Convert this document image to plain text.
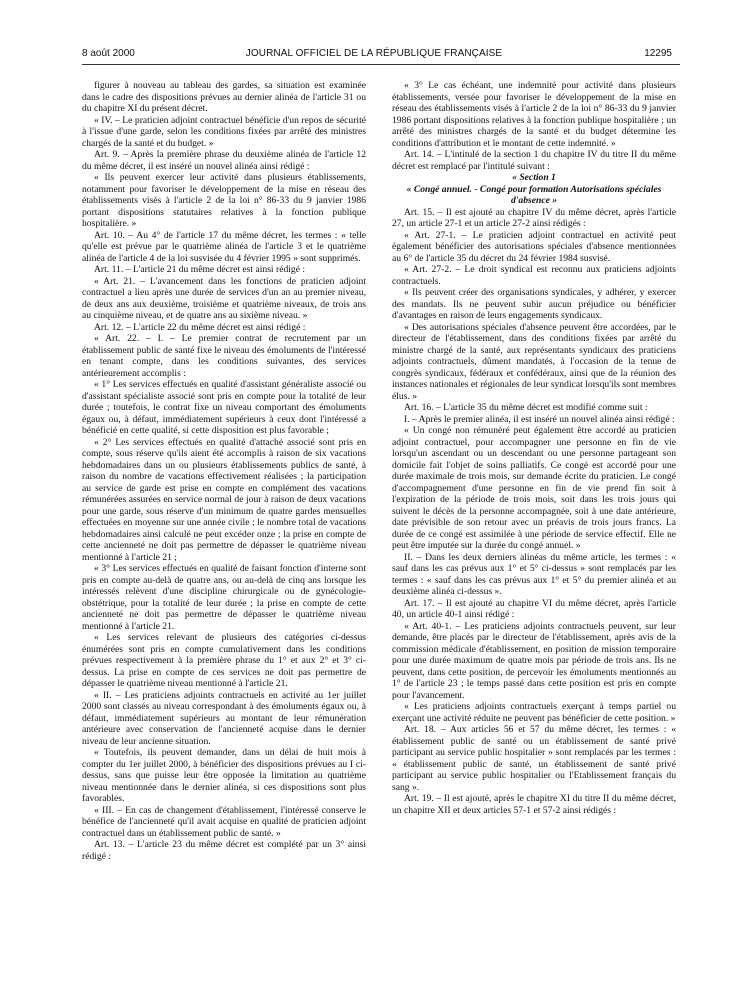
8 août 2000	JOURNAL OFFICIEL DE LA RÉPUBLIQUE FRANÇAISE	12295

figurer à nouveau au tableau des gardes, sa situation est examinée dans le cadre des dispositions prévues au dernier alinéa de l'article 31 ou du chapitre XI du présent décret.

« IV. – Le praticien adjoint contractuel bénéficie d'un repos de sécurité à l'issue d'une garde, selon les conditions fixées par arrêté des ministres chargés de la santé et du budget. »

Art. 9. – Après la première phrase du deuxième alinéa de l'article 12 du même décret, il est inséré un nouvel alinéa ainsi rédigé :

« Ils peuvent exercer leur activité dans plusieurs établissements, notamment pour favoriser le développement de la mise en réseau des établissements visés à l'article 2 de la loi n° 86-33 du 9 janvier 1986 portant dispositions statutaires relatives à la fonction publique hospitalière. »

Art. 10. – Au 4° de l'article 17 du même décret, les termes : « telle qu'elle est prévue par le quatrième alinéa de l'article 3 et le quatrième alinéa de l'article 4 de la loi susvisée du 4 février 1995 » sont supprimés.

Art. 11. – L'article 21 du même décret est ainsi rédigé :

« Art. 21. – L'avancement dans les fonctions de praticien adjoint contractuel a lieu après une durée de services d'un an au premier niveau, de deux ans aux deuxième, troisième et quatrième niveaux, de trois ans au cinquième niveau, et de quatre ans au sixième niveau. »

Art. 12. – L'article 22 du même décret est ainsi rédigé :

« Art. 22. – I. – Le premier contrat de recrutement par un établissement public de santé fixe le niveau des émoluments de l'intéressé en tenant compte, dans les conditions suivantes, des services antérieurement accomplis :

« 1° Les services effectués en qualité d'assistant généraliste associé ou d'assistant spécialiste associé sont pris en compte pour la totalité de leur durée ; toutefois, le contrat fixe un niveau comportant des émoluments égaux ou, à défaut, immédiatement supérieurs à ceux dont l'intéressé a bénéficié en cette qualité, si cette disposition est plus favorable ;

« 2° Les services effectués en qualité d'attaché associé sont pris en compte, sous réserve qu'ils aient été accomplis à raison de six vacations hebdomadaires dans un ou plusieurs établissements publics de santé, à raison du nombre de vacations effectivement réalisées ; la participation au service de garde est prise en compte en complément des vacations rémunérées assurées en service normal de jour à raison de deux vacations pour une garde, sous réserve d'un minimum de quatre gardes mensuelles effectuées en moyenne sur une année civile ; le nombre total de vacations hebdomadaires ainsi calculé ne peut excéder onze ; la prise en compte de cette ancienneté ne doit pas permettre de dépasser le quatrième niveau mentionné à l'article 21 ;

« 3° Les services effectués en qualité de faisant fonction d'interne sont pris en compte au-delà de quatre ans, ou au-delà de cinq ans lorsque les intéressés relèvent d'une discipline chirurgicale ou de gynécologie-obstétrique, pour la totalité de leur durée ; la prise en compte de cette ancienneté ne doit pas permettre de dépasser le quatrième niveau mentionné à l'article 21.

« Les services relevant de plusieurs des catégories ci-dessus énumérées sont pris en compte cumulativement dans les conditions prévues respectivement à la première phrase du 1° et aux 2° et 3° ci-dessus. La prise en compte de ces services ne doit pas permettre de dépasser le quatrième niveau mentionné à l'article 21.

« II. – Les praticiens adjoints contractuels en activité au 1er juillet 2000 sont classés au niveau correspondant à des émoluments égaux ou, à défaut, immédiatement supérieurs au montant de leur rémunération antérieure avec conservation de l'ancienneté acquise dans le dernier niveau de leur ancienne situation.

« Toutefois, ils peuvent demander, dans un délai de huit mois à compter du 1er juillet 2000, à bénéficier des dispositions prévues au I ci-dessus, sans que puisse leur être opposée la limitation au quatrième niveau mentionnée dans le dernier alinéa, si ces dispositions sont plus favorables.

« III. – En cas de changement d'établissement, l'intéressé conserve le bénéfice de l'ancienneté qu'il avait acquise en qualité de praticien adjoint contractuel dans un établissement public de santé. »

Art. 13. – L'article 23 du même décret est complété par un 3° ainsi rédigé :

« 3° Le cas échéant, une indemnité pour activité dans plusieurs établissements, versée pour favoriser le développement de la mise en réseau des établissements visés à l'article 2 de la loi n° 86-33 du 9 janvier 1986 portant dispositions relatives à la fonction publique hospitalière ; un arrêté des ministres chargés de la santé et du budget détermine les conditions d'attribution et le montant de cette indemnité. »

Art. 14. – L'intitulé de la section 1 du chapitre IV du titre II du même décret est remplacé par l'intitulé suivant :

« Section 1

« Congé annuel. - Congé pour formation Autorisations spéciales d'absence »

Art. 15. – Il est ajouté au chapitre IV du même décret, après l'article 27, un article 27-1 et un article 27-2 ainsi rédigés :

« Art. 27-1. – Le praticien adjoint contractuel en activité peut également bénéficier des autorisations spéciales d'absence mentionnées au 6° de l'article 35 du décret du 24 février 1984 susvisé.

« Art. 27-2. – Le droit syndical est reconnu aux praticiens adjoints contractuels.

« Ils peuvent créer des organisations syndicales, y adhérer, y exercer des mandats. Ils ne peuvent subir aucun préjudice ou bénéficier d'avantages en raison de leurs engagements syndicaux.

« Des autorisations spéciales d'absence peuvent être accordées, par le directeur de l'établissement, dans des conditions fixées par arrêté du ministre chargé de la santé, aux représentants syndicaux des praticiens adjoints contractuels, dûment mandatés, à l'occasion de la tenue de congrès syndicaux, fédéraux et confédéraux, ainsi que de la réunion des instances nationales et régionales de leur syndicat lorsqu'ils sont membres élus. »

Art. 16. – L'article 35 du même décret est modifié comme suit :

I. – Après le premier alinéa, il est inséré un nouvel alinéa ainsi rédigé :

« Un congé non rémunéré peut également être accordé au praticien adjoint contractuel, pour accompagner une personne en fin de vie lorsqu'un ascendant ou un descendant ou une personne partageant son domicile fait l'objet de soins palliatifs. Ce congé est accordé pour une durée maximale de trois mois, sur demande écrite du praticien. Le congé d'accompagnement d'une personne en fin de vie prend fin soit à l'expiration de la période de trois mois, soit dans les trois jours qui suivent le décès de la personne accompagnée, soit à une date antérieure, date prévisible de son retour avec un préavis de trois jours francs. La durée de ce congé est assimilée à une période de service effectif. Elle ne peut être imputée sur la durée du congé annuel. »

II. – Dans les deux derniers alinéas du même article, les termes : « sauf dans les cas prévus aux 1° et 5° ci-dessus » sont remplacés par les termes : « sauf dans les cas prévus aux 1° et 5° du premier alinéa et au deuxième alinéa ci-dessus ».

Art. 17. – Il est ajouté au chapitre VI du même décret, après l'article 40, un article 40-1 ainsi rédigé :

« Art. 40-1. – Les praticiens adjoints contractuels peuvent, sur leur demande, être placés par le directeur de l'établissement, après avis de la commission médicale d'établissement, en position de mission temporaire pour une durée maximum de quatre mois par période de trois ans. Ils ne peuvent, dans cette position, de percevoir les émoluments mentionnés au 1° de l'article 23 ; le temps passé dans cette position est pris en compte pour l'avancement.

« Les praticiens adjoints contractuels exerçant à temps partiel ou exerçant une activité réduite ne peuvent pas bénéficier de cette position. »

Art. 18. – Aux articles 56 et 57 du même décret, les termes : « établissement public de santé ou un établissement de santé privé participant au service public hospitalier » sont remplacés par les termes : « établissement public de santé, un établissement de santé privé participant au service public hospitalier ou l'Etablissement français du sang ».

Art. 19. – Il est ajouté, après le chapitre XI du titre II du même décret, un chapitre XII et deux articles 57-1 et 57-2 ainsi rédigés :
